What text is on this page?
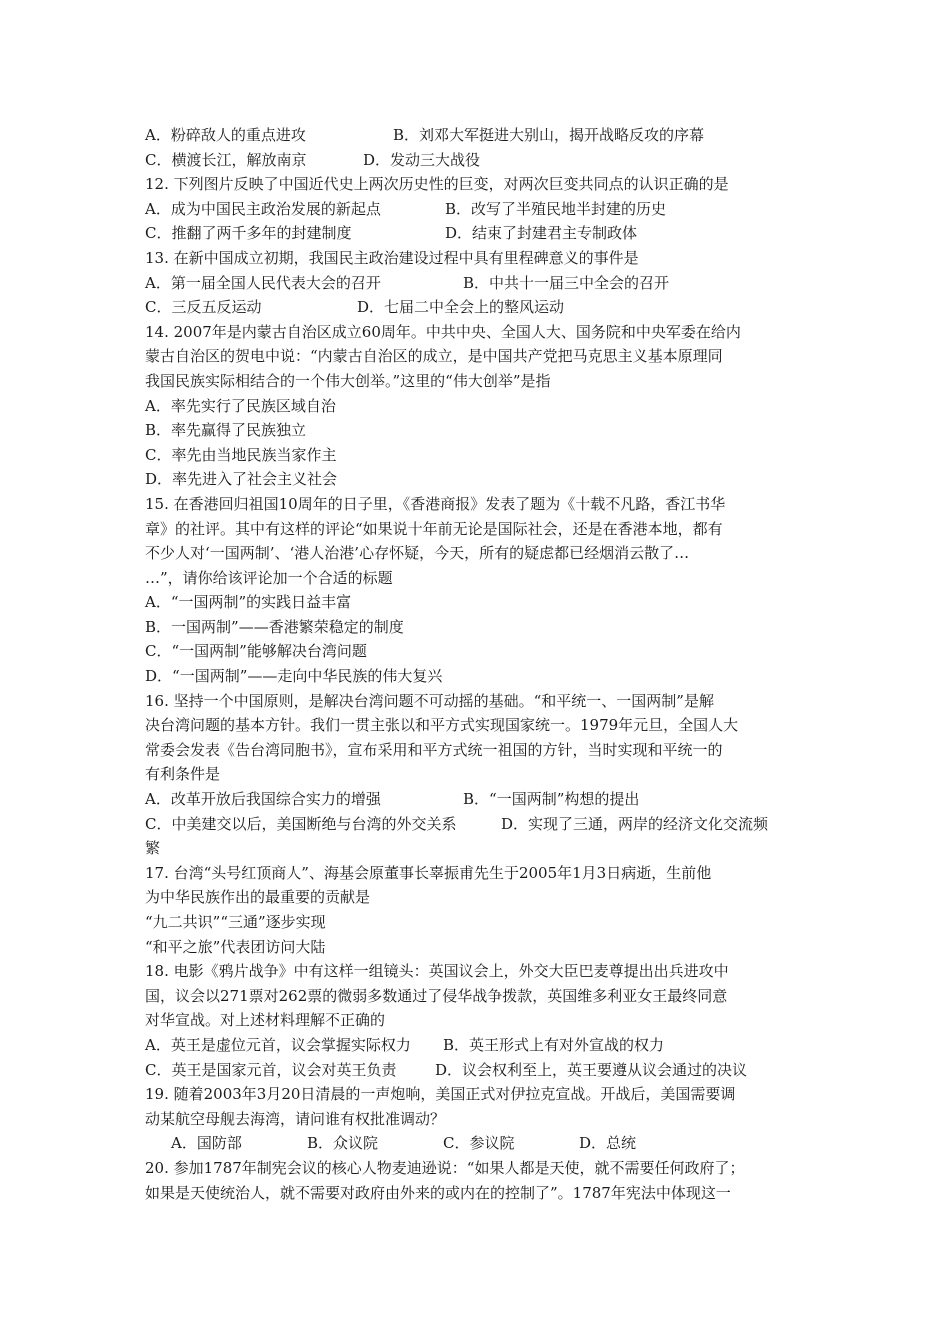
A．粉碎敌人的重点进攻	B．刘邓大军挺进大别山，揭开战略反攻的序幕
C．横渡长江，解放南京	D．发动三大战役
12. 下列图片反映了中国近代史上两次历史性的巨变，对两次巨变共同点的认识正确的是
A．成为中国民主政治发展的新起点	B．改写了半殖民地半封建的历史
C．推翻了两千多年的封建制度	D．结束了封建君主专制政体
13. 在新中国成立初期，我国民主政治建设过程中具有里程碑意义的事件是
A．第一届全国人民代表大会的召开	B．中共十一届三中全会的召开
C．三反五反运动	D．七届二中全会上的整风运动
14. 2007年是内蒙古自治区成立60周年。中共中央、全国人大、国务院和中央军委在给内
蒙古自治区的贺电中说：“内蒙古自治区的成立，是中国共产党把马克思主义基本原理同
我国民族实际相结合的一个伟大创举。”这里的“伟大创举”是指
A．率先实行了民族区域自治
B．率先赢得了民族独立
C．率先由当地民族当家作主
D．率先进入了社会主义社会
15. 在香港回归祖国10周年的日子里，《香港商报》发表了题为《十载不凡路，香江书华
章》的社评。其中有这样的评论“如果说十年前无论是国际社会，还是在香港本地，都有
不少人对‘一国两制’、‘港人治港’心存怀疑，今天，所有的疑虑都已经烟消云散了…
…”，请你给该评论加一个合适的标题
A．“一国两制”的实践日益丰富
B．一国两制”——香港繁荣稳定的制度
C．“一国两制”能够解决台湾问题
D．“一国两制”——走向中华民族的伟大复兴
16. 坚持一个中国原则，是解决台湾问题不可动摇的基础。“和平统一、一国两制”是解
决台湾问题的基本方针。我们一贯主张以和平方式实现国家统一。1979年元旦，全国人大
常委会发表《告台湾同胞书》，宣布采用和平方式统一祖国的方针，当时实现和平统一的
有利条件是
A．改革开放后我国综合实力的增强	B．“一国两制”构想的提出
C．中美建交以后，美国断绝与台湾的外交关系	D．实现了三通，两岸的经济文化交流频
繁
17. 台湾“头号红顶商人”、海基会原董事长辜振甫先生于2005年1月3日病逝，生前他
为中华民族作出的最重要的贡献是
“九二共识”“三通”逐步实现
“和平之旅”代表团访问大陆
18. 电影《鸦片战争》中有这样一组镜头：英国议会上，外交大臣巴麦尊提出出兵进攻中
国，议会以271票对262票的微弱多数通过了侵华战争拨款，英国维多利亚女王最终同意
对华宣战。对上述材料理解不正确的
A．英王是虚位元首，议会掌握实际权力 B．英王形式上有对外宣战的权力
C．英王是国家元首，议会对英王负责	D．议会权利至上，英王要遵从议会通过的决议
19. 随着2003年3月20日清晨的一声炮响，美国正式对伊拉克宣战。开战后，美国需要调
动某航空母舰去海湾，请问谁有权批准调动？
A．国防部	B．众议院	C．参议院	D．总统
20. 参加1787年制宪会议的核心人物麦迪逊说：“如果人都是天使，就不需要任何政府了；
如果是天使统治人，就不需要对政府由外来的或内在的控制了”。1787年宪法中体现这一
